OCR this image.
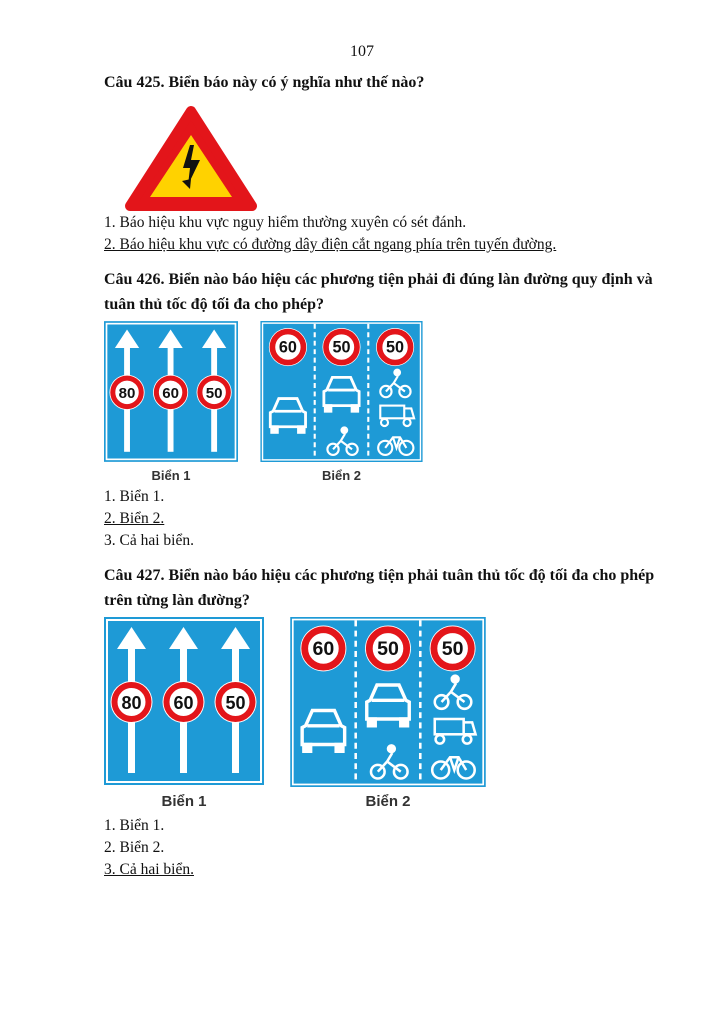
107
Câu 425. Biển báo này có ý nghĩa như thế nào?
1. Báo hiệu khu vực nguy hiểm thường xuyên có sét đánh.
2. Báo hiệu khu vực có đường dây điện cắt ngang phía trên tuyến đường.
Câu 426. Biển nào báo hiệu các phương tiện phải đi đúng làn đường quy định và tuân thủ tốc độ tối đa cho phép?
80 60 50
Biển 1
60 50 50
Biển 2
1. Biển 1.
2. Biển 2.
3. Cả hai biển.
Câu 427. Biển nào báo hiệu các phương tiện phải tuân thủ tốc độ tối đa cho phép trên từng làn đường?
80 60 50
Biển 1
60 50 50
Biển 2
1. Biển 1.
2. Biển 2.
3. Cả hai biển.
